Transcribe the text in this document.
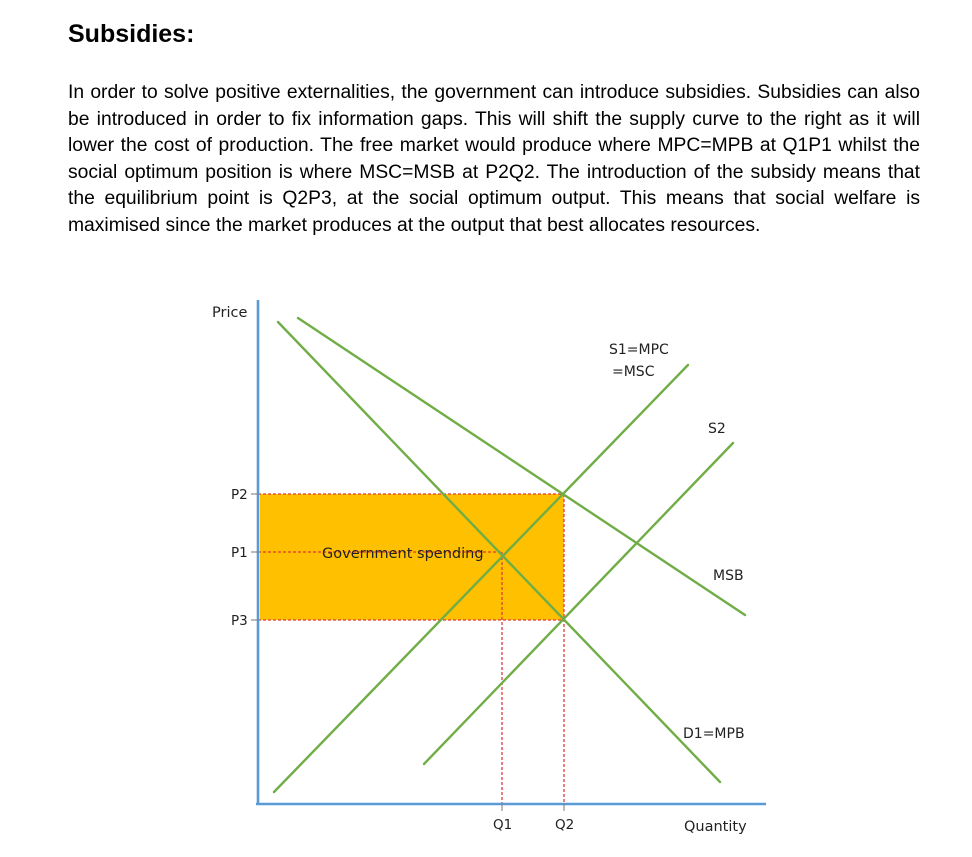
Subsidies:

In order to solve positive externalities, the government can introduce subsidies. Subsidies can also be introduced in order to fix information gaps. This will shift the supply curve to the right as it will lower the cost of production. The free market would produce where MPC=MPB at Q1P1 whilst the social optimum position is where MSC=MSB at P2Q2. The introduction of the subsidy means that the equilibrium point is Q2P3, at the social optimum output. This means that social welfare is maximised since the market produces at the output that best allocates resources.

Price
Quantity
P2
P1
P3
Q1	Q2
S1=MPC
=MSC
S2
MSB
D1=MPB
Government spending
